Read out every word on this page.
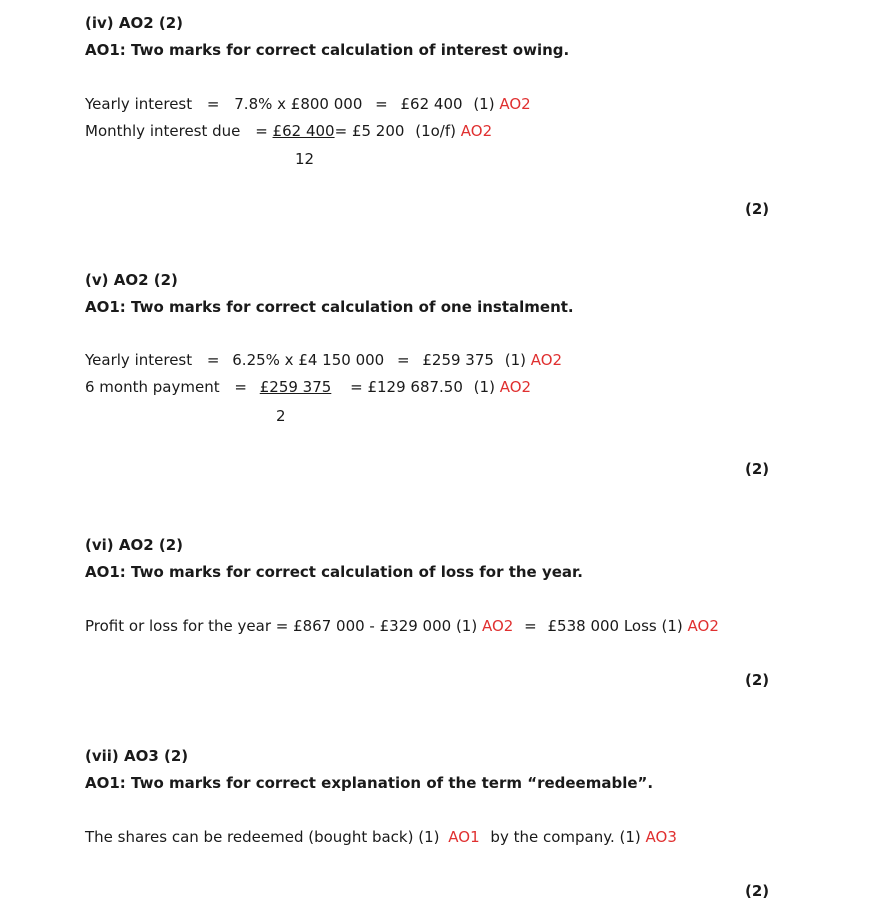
(iv) AO2 (2)
AO1: Two marks for correct calculation of interest owing.
Yearly interest = 7.8% x £800 000 = £62 400 (1) AO2
Monthly interest due = £62 400= £5 200 (1o/f) AO2
12
(2)
(v) AO2 (2)
AO1: Two marks for correct calculation of one instalment.
Yearly interest = 6.25% x £4 150 000 = £259 375 (1) AO2
6 month payment = £259 375 = £129 687.50 (1) AO2
2
(2)
(vi) AO2 (2)
AO1: Two marks for correct calculation of loss for the year.
Profit or loss for the year = £867 000 - £329 000 (1) AO2 = £538 000 Loss (1) AO2
(2)
(vii) AO3 (2)
AO1: Two marks for correct explanation of the term “redeemable”.
The shares can be redeemed (bought back) (1) AO1 by the company. (1) AO3
(2)
